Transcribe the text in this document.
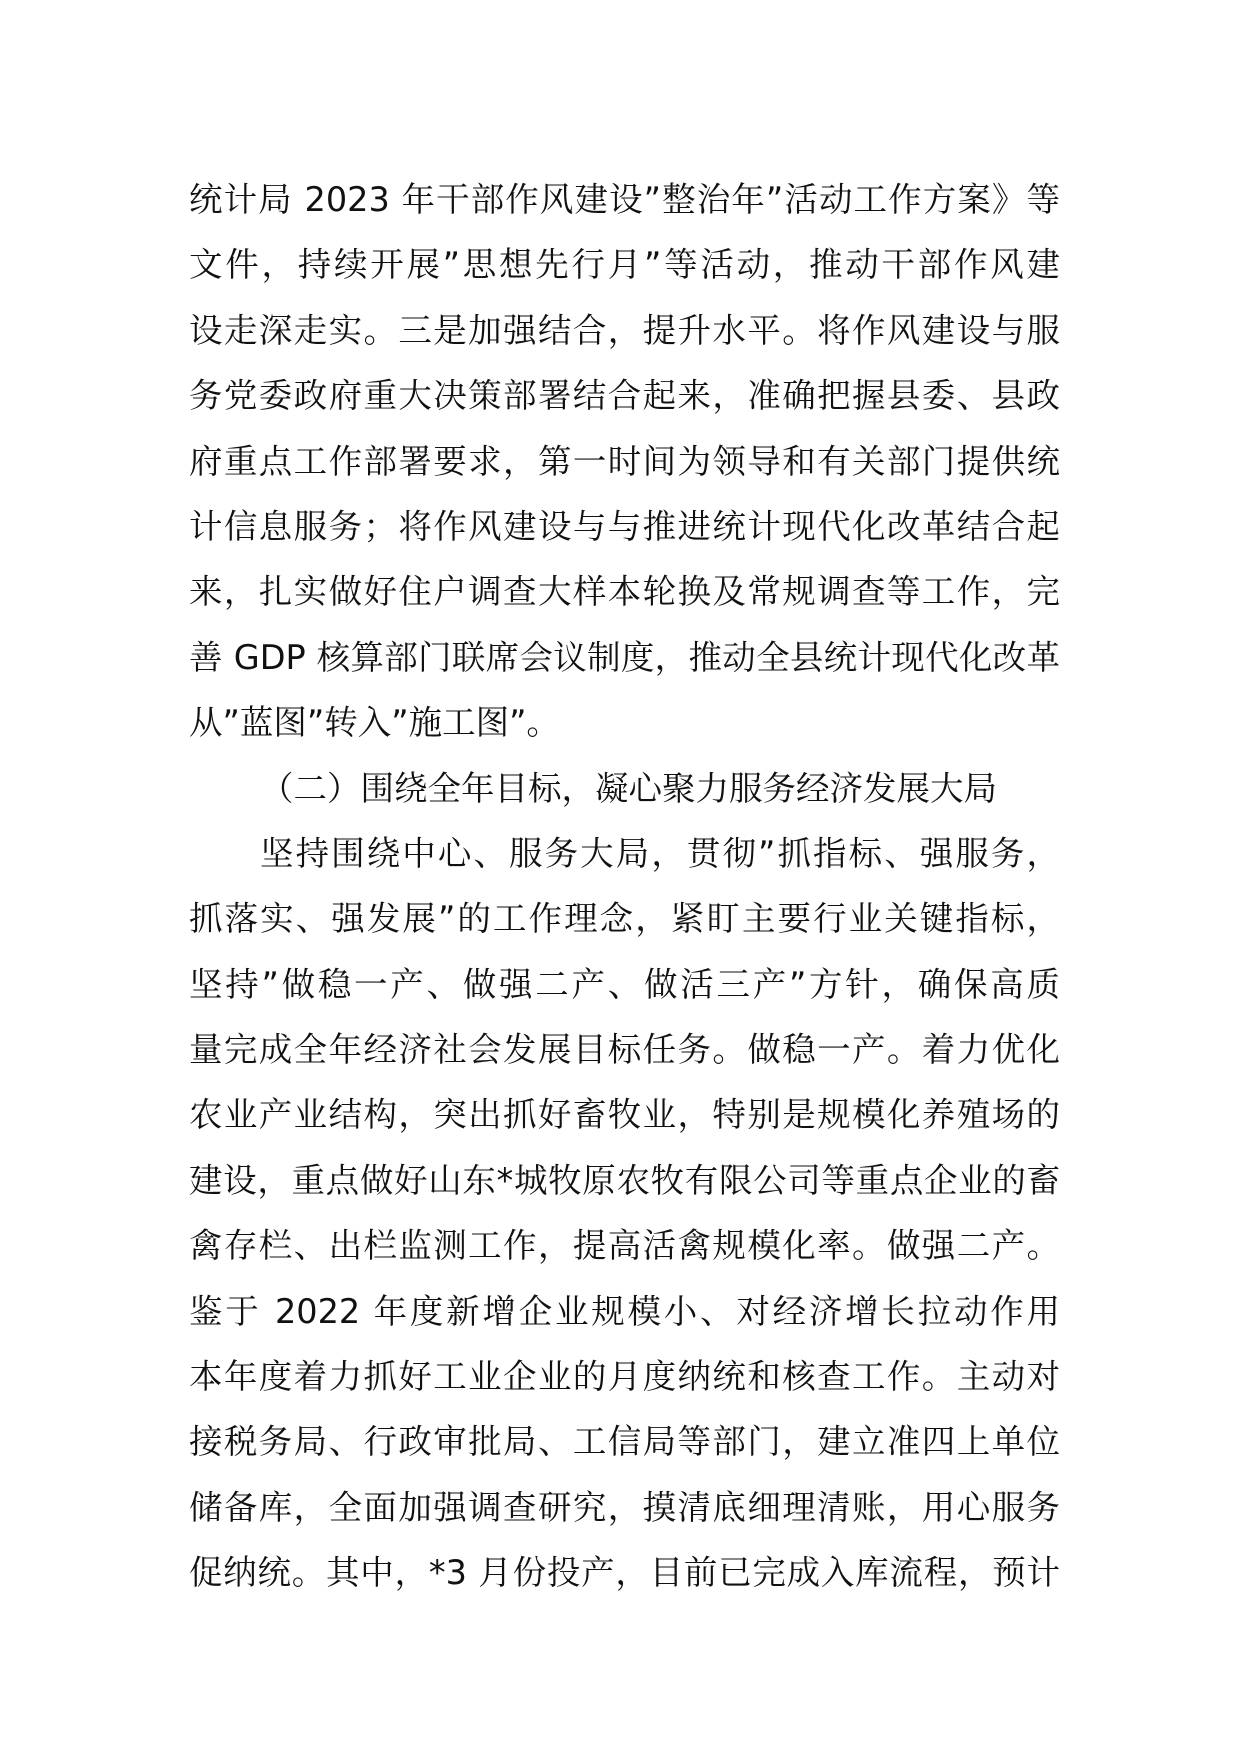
统计局 2023 年干部作风建设”整治年”活动工作方案》等
文件，持续开展”思想先行月”等活动，推动干部作风建
设走深走实。三是加强结合，提升水平。将作风建设与服
务党委政府重大决策部署结合起来，准确把握县委、县政
府重点工作部署要求，第一时间为领导和有关部门提供统
计信息服务；将作风建设与与推进统计现代化改革结合起
来，扎实做好住户调查大样本轮换及常规调查等工作，完
善 GDP 核算部门联席会议制度，推动全县统计现代化改革
从”蓝图”转入”施工图”。
（二）围绕全年目标，凝心聚力服务经济发展大局
坚持围绕中心、服务大局，贯彻”抓指标、强服务，
抓落实、强发展”的工作理念，紧盯主要行业关键指标，
坚持”做稳一产、做强二产、做活三产”方针，确保高质
量完成全年经济社会发展目标任务。做稳一产。着力优化
农业产业结构，突出抓好畜牧业，特别是规模化养殖场的
建设，重点做好山东*城牧原农牧有限公司等重点企业的畜
禽存栏、出栏监测工作，提高活禽规模化率。做强二产。
鉴于 2022 年度新增企业规模小、对经济增长拉动作用
本年度着力抓好工业企业的月度纳统和核查工作。主动对
接税务局、行政审批局、工信局等部门，建立准四上单位
储备库，全面加强调查研究，摸清底细理清账，用心服务
促纳统。其中，*3 月份投产，目前已完成入库流程，预计
